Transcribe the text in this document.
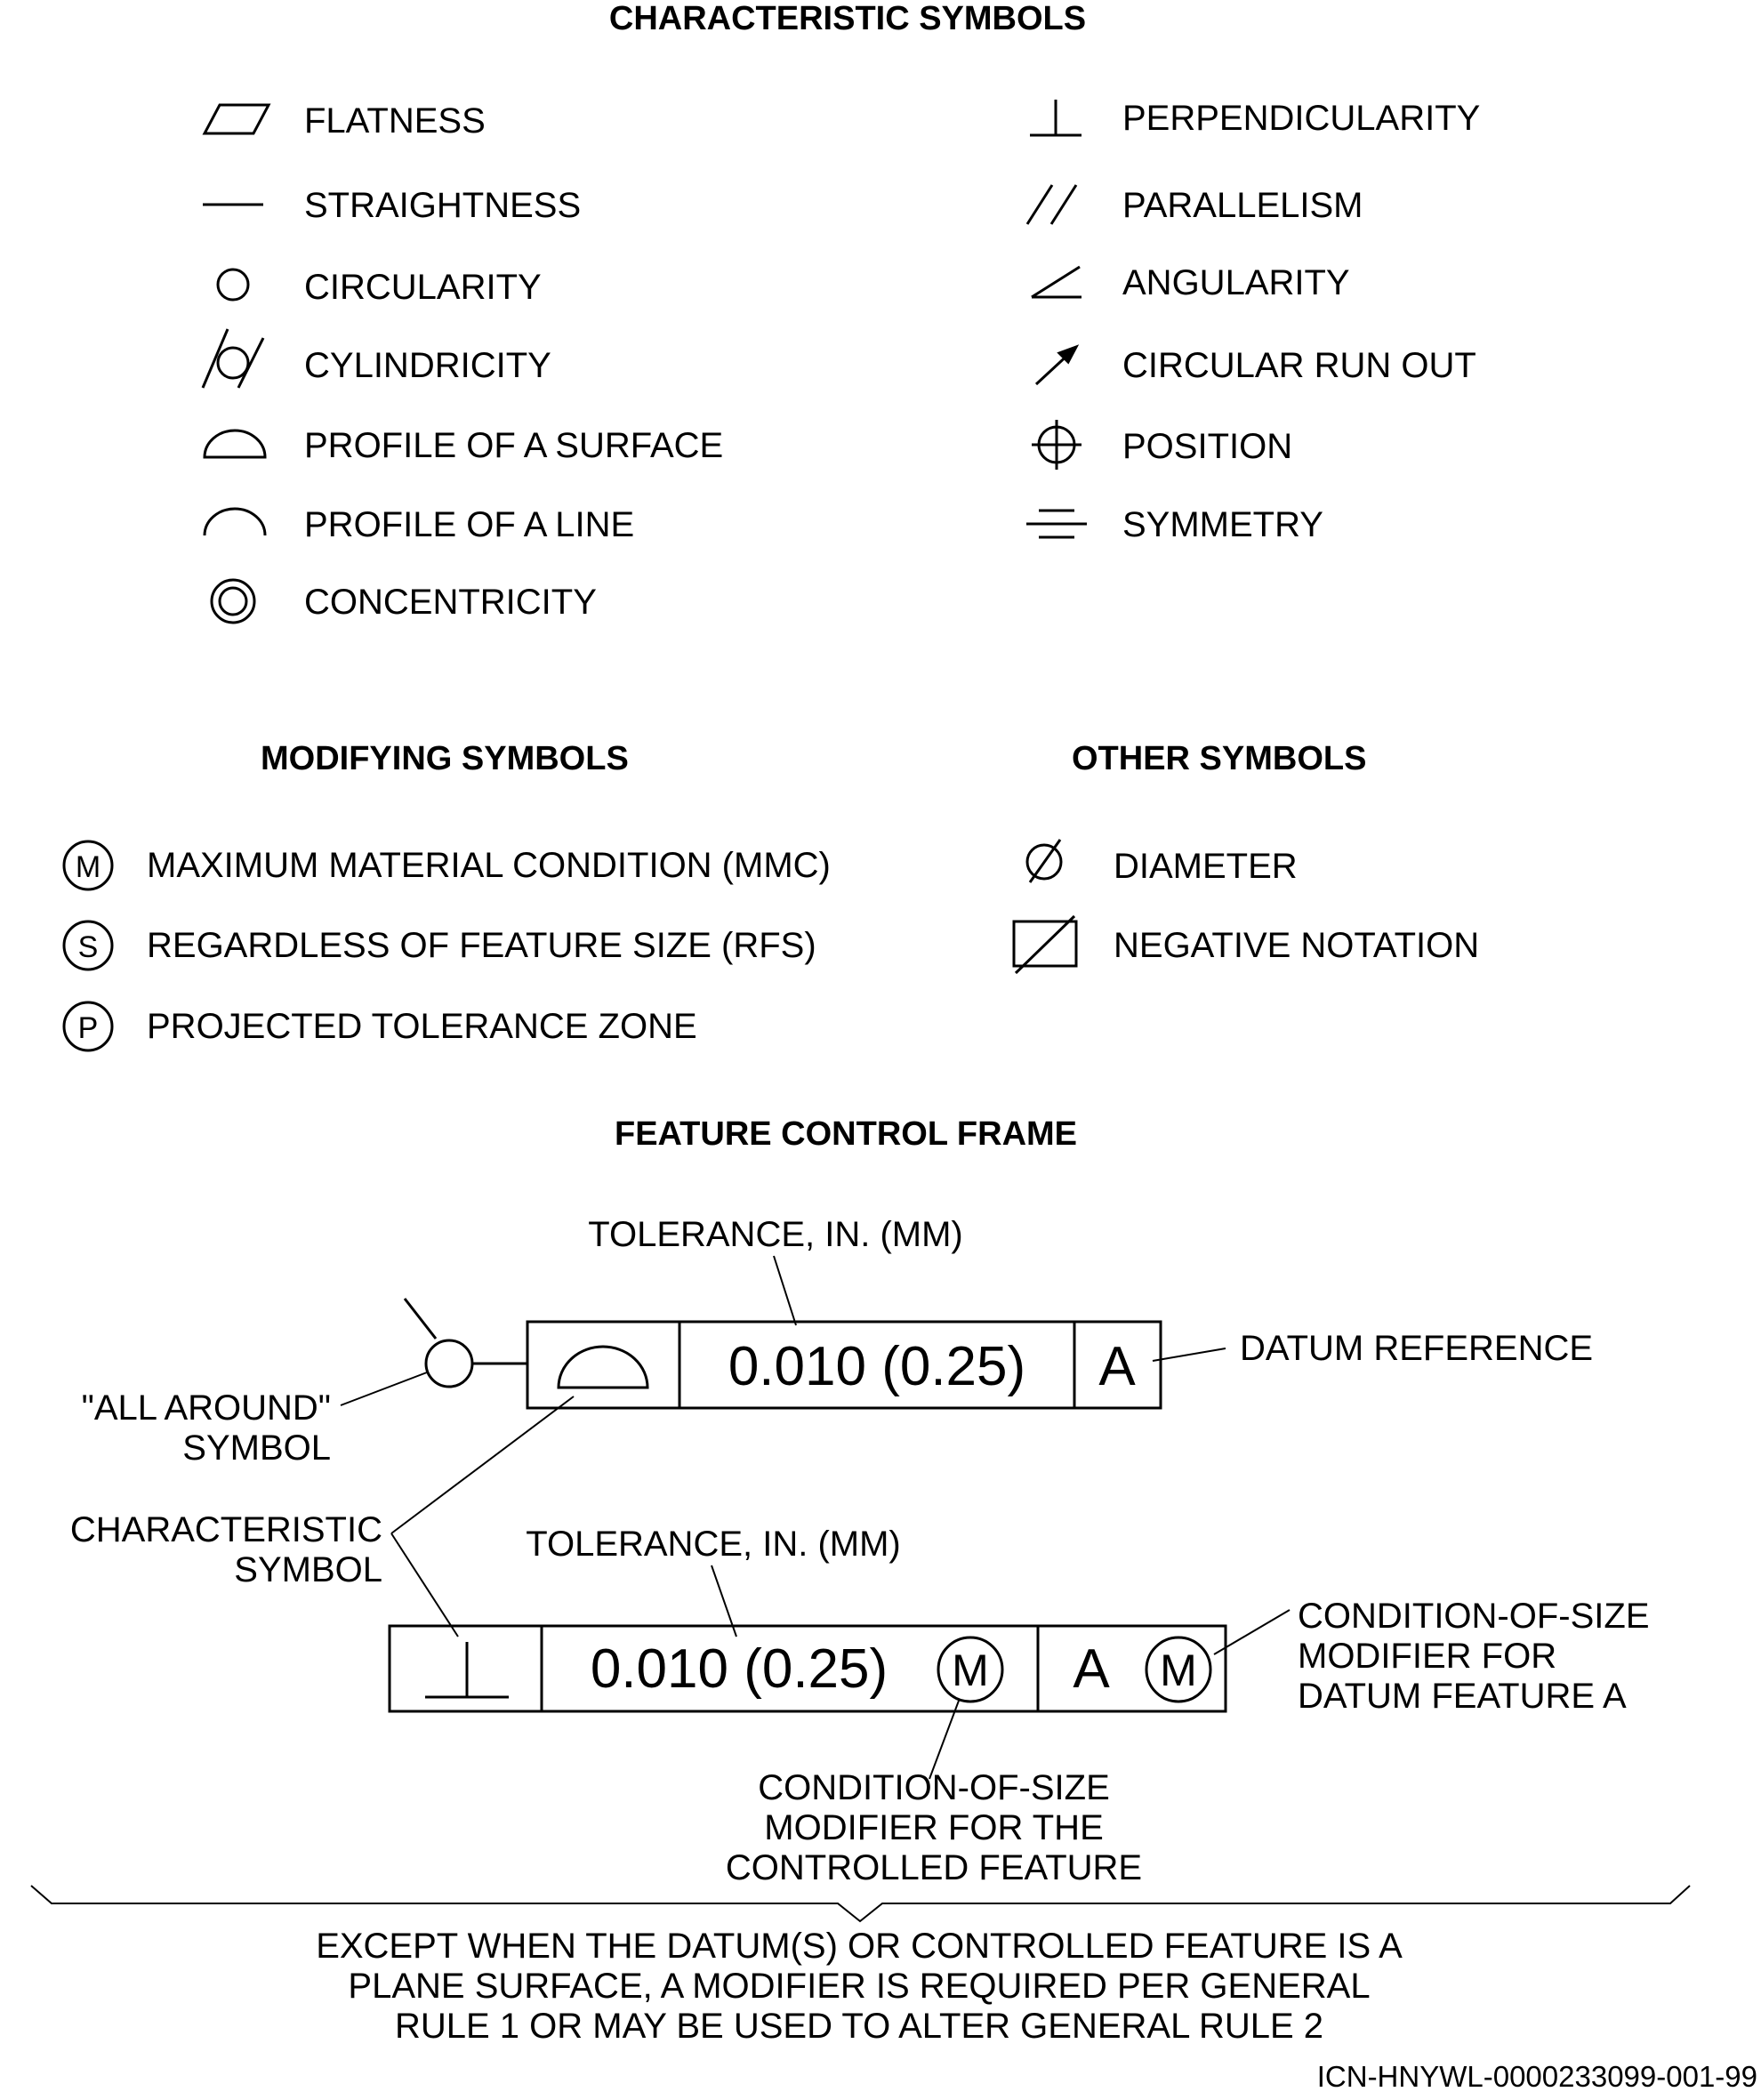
CHARACTERISTIC SYMBOLS
FLATNESS
STRAIGHTNESS
CIRCULARITY
CYLINDRICITY
PROFILE OF A SURFACE
PROFILE OF A LINE
CONCENTRICITY
PERPENDICULARITY
PARALLELISM
ANGULARITY
CIRCULAR RUN OUT
POSITION
SYMMETRY
MODIFYING SYMBOLS	OTHER SYMBOLS
M
S
P
MAXIMUM MATERIAL CONDITION (MMC)
REGARDLESS OF FEATURE SIZE (RFS)
PROJECTED TOLERANCE ZONE
DIAMETER
NEGATIVE NOTATION
FEATURE CONTROL FRAME
TOLERANCE, IN. (MM)
0.010 (0.25) A	DATUM REFERENCE
"ALL AROUND"
SYMBOL
CHARACTERISTIC
SYMBOL
TOLERANCE, IN. (MM)
0.010 (0.25) M A M
CONDITION-OF-SIZE
MODIFIER FOR
DATUM FEATURE A
CONDITION-OF-SIZE
MODIFIER FOR THE
CONTROLLED FEATURE
EXCEPT WHEN THE DATUM(S) OR CONTROLLED FEATURE IS A
PLANE SURFACE, A MODIFIER IS REQUIRED PER GENERAL
RULE 1 OR MAY BE USED TO ALTER GENERAL RULE 2
ICN-HNYWL-0000233099-001-99
